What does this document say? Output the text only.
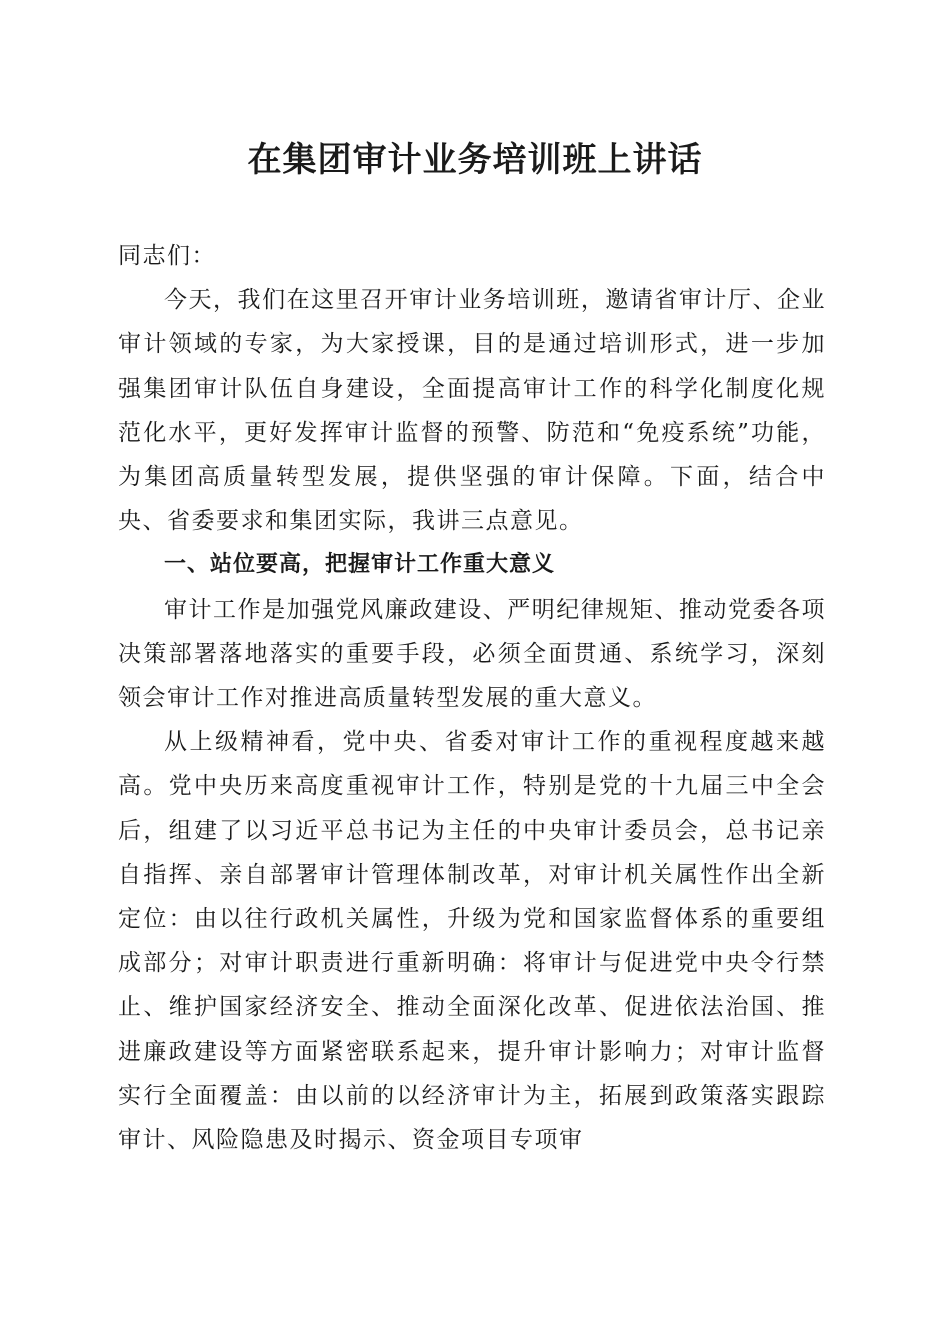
在集团审计业务培训班上讲话

同志们：

今天，我们在这里召开审计业务培训班，邀请省审计厅、企业审计领域的专家，为大家授课，目的是通过培训形式，进一步加强集团审计队伍自身建设，全面提高审计工作的科学化制度化规范化水平，更好发挥审计监督的预警、防范和“免疫系统”功能，为集团高质量转型发展，提供坚强的审计保障。下面，结合中央、省委要求和集团实际，我讲三点意见。

一、站位要高，把握审计工作重大意义

审计工作是加强党风廉政建设、严明纪律规矩、推动党委各项决策部署落地落实的重要手段，必须全面贯通、系统学习，深刻领会审计工作对推进高质量转型发展的重大意义。

从上级精神看，党中央、省委对审计工作的重视程度越来越高。党中央历来高度重视审计工作，特别是党的十九届三中全会后，组建了以习近平总书记为主任的中央审计委员会，总书记亲自指挥、亲自部署审计管理体制改革，对审计机关属性作出全新定位：由以往行政机关属性，升级为党和国家监督体系的重要组成部分；对审计职责进行重新明确：将审计与促进党中央令行禁止、维护国家经济安全、推动全面深化改革、促进依法治国、推进廉政建设等方面紧密联系起来，提升审计影响力；对审计监督实行全面覆盖：由以前的以经济审计为主，拓展到政策落实跟踪审计、风险隐患及时揭示、资金项目专项审
